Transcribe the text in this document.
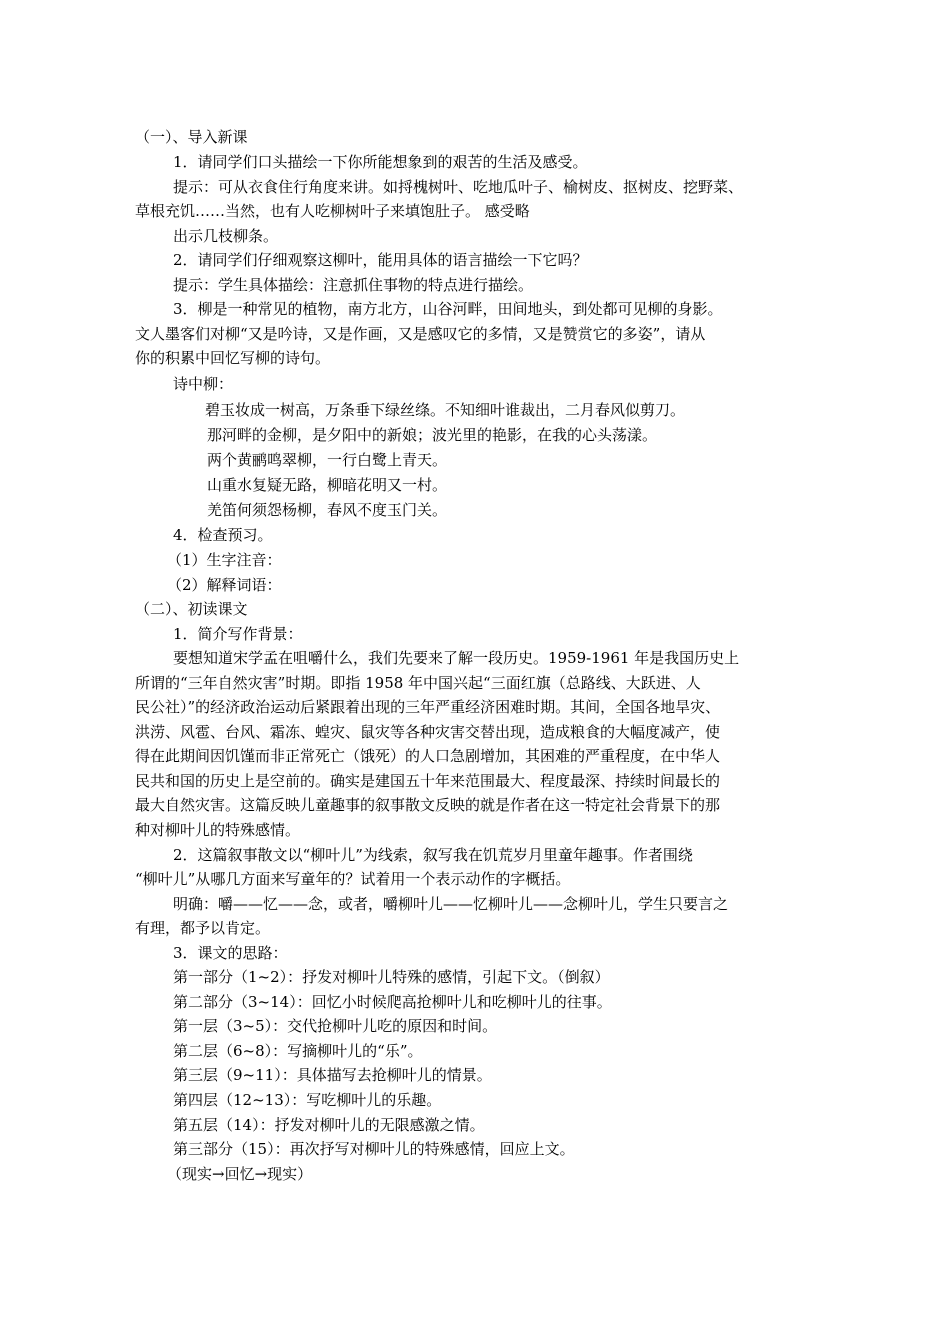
（一）、导入新课
1．请同学们口头描绘一下你所能想象到的艰苦的生活及感受。
提示：可从衣食住行角度来讲。如捋槐树叶、吃地瓜叶子、榆树皮、抠树皮、挖野菜、
草根充饥……当然，也有人吃柳树叶子来填饱肚子。 感受略
出示几枝柳条。
2．请同学们仔细观察这柳叶，能用具体的语言描绘一下它吗？
提示：学生具体描绘：注意抓住事物的特点进行描绘。
3．柳是一种常见的植物，南方北方，山谷河畔，田间地头，到处都可见柳的身影。
文人墨客们对柳“又是吟诗，又是作画，又是感叹它的多情，又是赞赏它的多姿”，请从
你的积累中回忆写柳的诗句。
诗中柳：
碧玉妆成一树高，万条垂下绿丝绦。不知细叶谁裁出，二月春风似剪刀。
那河畔的金柳，是夕阳中的新娘；波光里的艳影，在我的心头荡漾。
两个黄鹂鸣翠柳，一行白鹭上青天。
山重水复疑无路，柳暗花明又一村。
羌笛何须怨杨柳，春风不度玉门关。
4．检查预习。
（1）生字注音：
（2）解释词语：
（二）、初读课文
1．简介写作背景：
要想知道宋学孟在咀嚼什么，我们先要来了解一段历史。1959-1961 年是我国历史上
所谓的“三年自然灾害”时期。即指 1958 年中国兴起“三面红旗（总路线、大跃进、人
民公社）”的经济政治运动后紧跟着出现的三年严重经济困难时期。其间，全国各地旱灾、
洪涝、风雹、台风、霜冻、蝗灾、鼠灾等各种灾害交替出现，造成粮食的大幅度减产，使
得在此期间因饥馑而非正常死亡（饿死）的人口急剧增加，其困难的严重程度，在中华人
民共和国的历史上是空前的。确实是建国五十年来范围最大、程度最深、持续时间最长的
最大自然灾害。这篇反映儿童趣事的叙事散文反映的就是作者在这一特定社会背景下的那
种对柳叶儿的特殊感情。
2．这篇叙事散文以“柳叶儿”为线索，叙写我在饥荒岁月里童年趣事。作者围绕
“柳叶儿”从哪几方面来写童年的？试着用一个表示动作的字概括。
明确：嚼——忆——念，或者，嚼柳叶儿——忆柳叶儿——念柳叶儿，学生只要言之
有理，都予以肯定。
3．课文的思路：
第一部分（1~2）：抒发对柳叶儿特殊的感情，引起下文。（倒叙）
第二部分（3~14）：回忆小时候爬高抢柳叶儿和吃柳叶儿的往事。
第一层（3~5）：交代抢柳叶儿吃的原因和时间。
第二层（6~8）：写摘柳叶儿的“乐”。
第三层（9~11）：具体描写去抢柳叶儿的情景。
第四层（12~13）：写吃柳叶儿的乐趣。
第五层（14）：抒发对柳叶儿的无限感激之情。
第三部分（15）：再次抒写对柳叶儿的特殊感情，回应上文。
（现实→回忆→现实）
